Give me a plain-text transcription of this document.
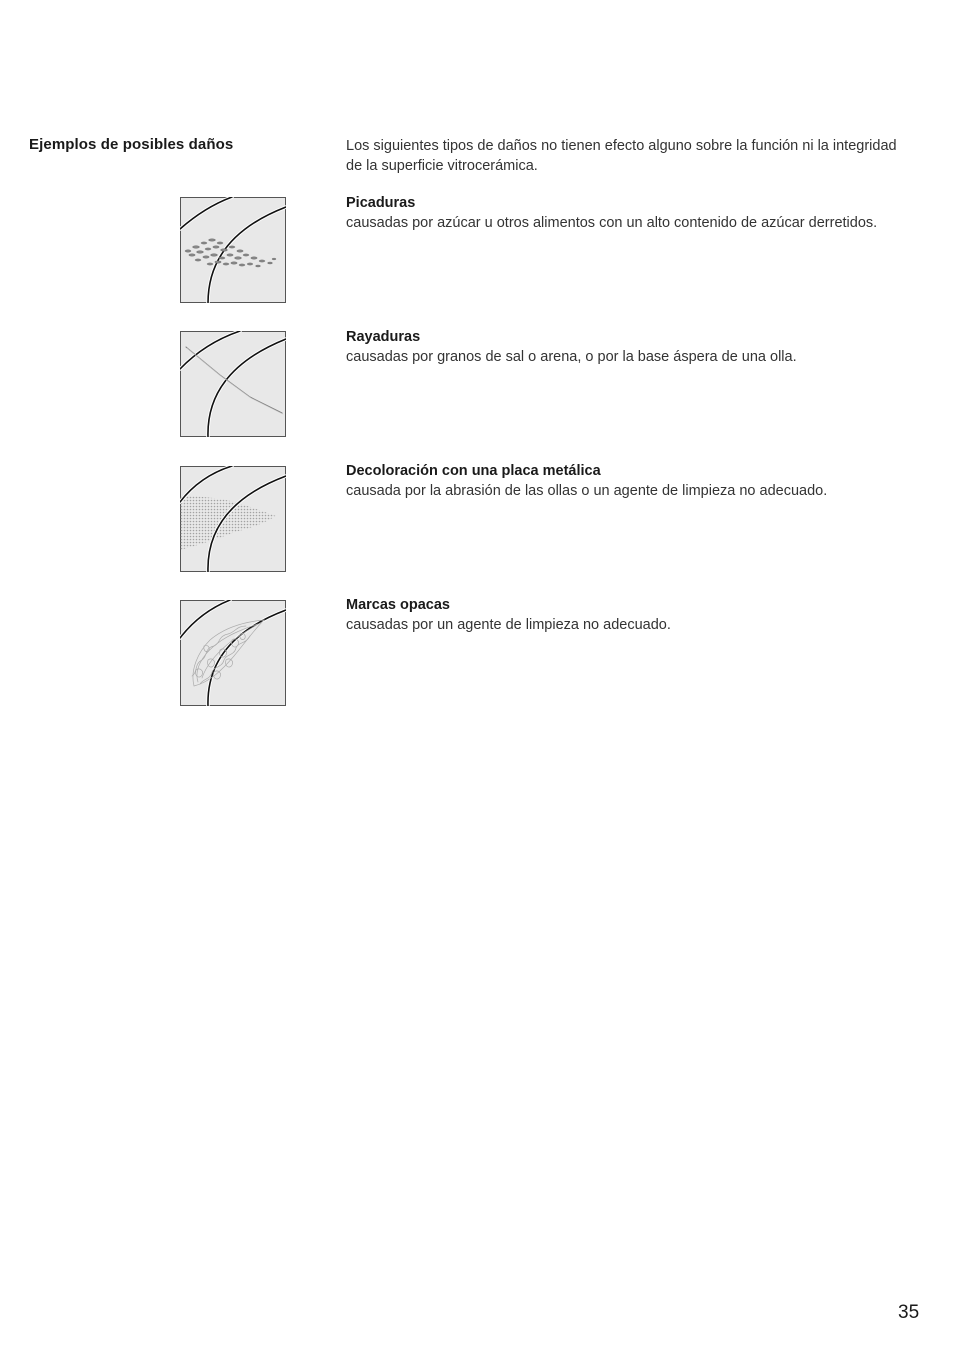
Ejemplos de posibles daños	Los siguientes tipos de daños no tienen efecto alguno sobre la función ni la integridad de la superficie vitrocerámica.
Picaduras
causadas por azúcar u otros alimentos con un alto contenido de azúcar derretidos.
Rayaduras
causadas por granos de sal o arena, o por la base áspera de una olla.
Decoloración con una placa metálica
causada por la abrasión de las ollas o un agente de limpieza no adecuado.
Marcas opacas
causadas por un agente de limpieza no adecuado.
35
